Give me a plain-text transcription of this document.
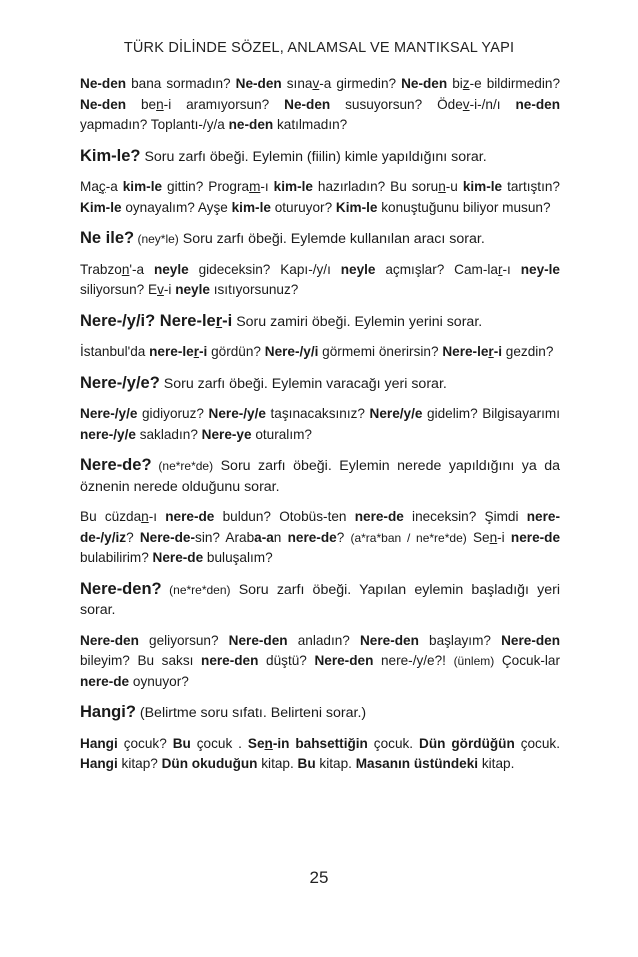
TÜRK DİLİNDE SÖZEL, ANLAMSAL VE MANTIKSAL YAPI

Ne-den bana sormadın? Ne-den sınav-a girmedin? Ne-den biz-e bildirmedin? Ne-den ben-i aramıyorsun? Ne-den susuyorsun? Ödev-i-/n/ı ne-den yapmadın? Toplantı-/y/a ne-den katılmadın?

Kim-le? Soru zarfı öbeği. Eylemin (fiilin) kimle yapıldığını sorar.

Maç-a kim-le gittin? Program-ı kim-le hazırladın? Bu sorun-u kim-le tartıştın? Kim-le oynayalım? Ayşe kim-le oturuyor? Kim-le konuştuğunu biliyor musun?

Ne ile? (ney*le) Soru zarfı öbeği. Eylemde kullanılan aracı sorar.

Trabzon'-a neyle gideceksin? Kapı-/y/ı neyle açmışlar? Cam-lar-ı ney-le siliyorsun? Ev-i neyle ısıtıyorsunuz?

Nere-/y/i? Nere-ler-i Soru zamiri öbeği. Eylemin yerini sorar.

İstanbul'da nere-ler-i gördün? Nere-/y/i görmemi önerirsin? Nere-ler-i gezdin?

Nere-/y/e? Soru zarfı öbeği. Eylemin varacağı yeri sorar.

Nere-/y/e gidiyoruz? Nere-/y/e taşınacaksınız? Nere/y/e gidelim? Bilgisayarımı nere-/y/e sakladın? Nere-ye oturalım?

Nere-de? (ne*re*de) Soru zarfı öbeği. Eylemin nerede yapıldığını ya da öznenin nerede olduğunu sorar.

Bu cüzdan-ı nere-de buldun? Otobüs-ten nere-de ineceksin? Şimdi nere-de-/y/iz? Nere-de-sin? Araba-an nere-de? (a*ra*ban / ne*re*de) Sen-i nere-de bulabilirim? Nere-de buluşalım?

Nere-den? (ne*re*den) Soru zarfı öbeği. Yapılan eylemin başladığı yeri sorar.

Nere-den geliyorsun? Nere-den anladın? Nere-den başlayım? Nere-den bileyim? Bu saksı nere-den düştü? Nere-den nere-/y/e?! (ünlem) Çocuk-lar nere-de oynuyor?

Hangi? (Belirtme soru sıfatı. Belirteni sorar.)

Hangi çocuk? Bu çocuk . Sen-in bahsettiğin çocuk. Dün gördüğün çocuk. Hangi kitap? Dün okuduğun kitap. Bu kitap. Masanın üstündeki kitap.

25
